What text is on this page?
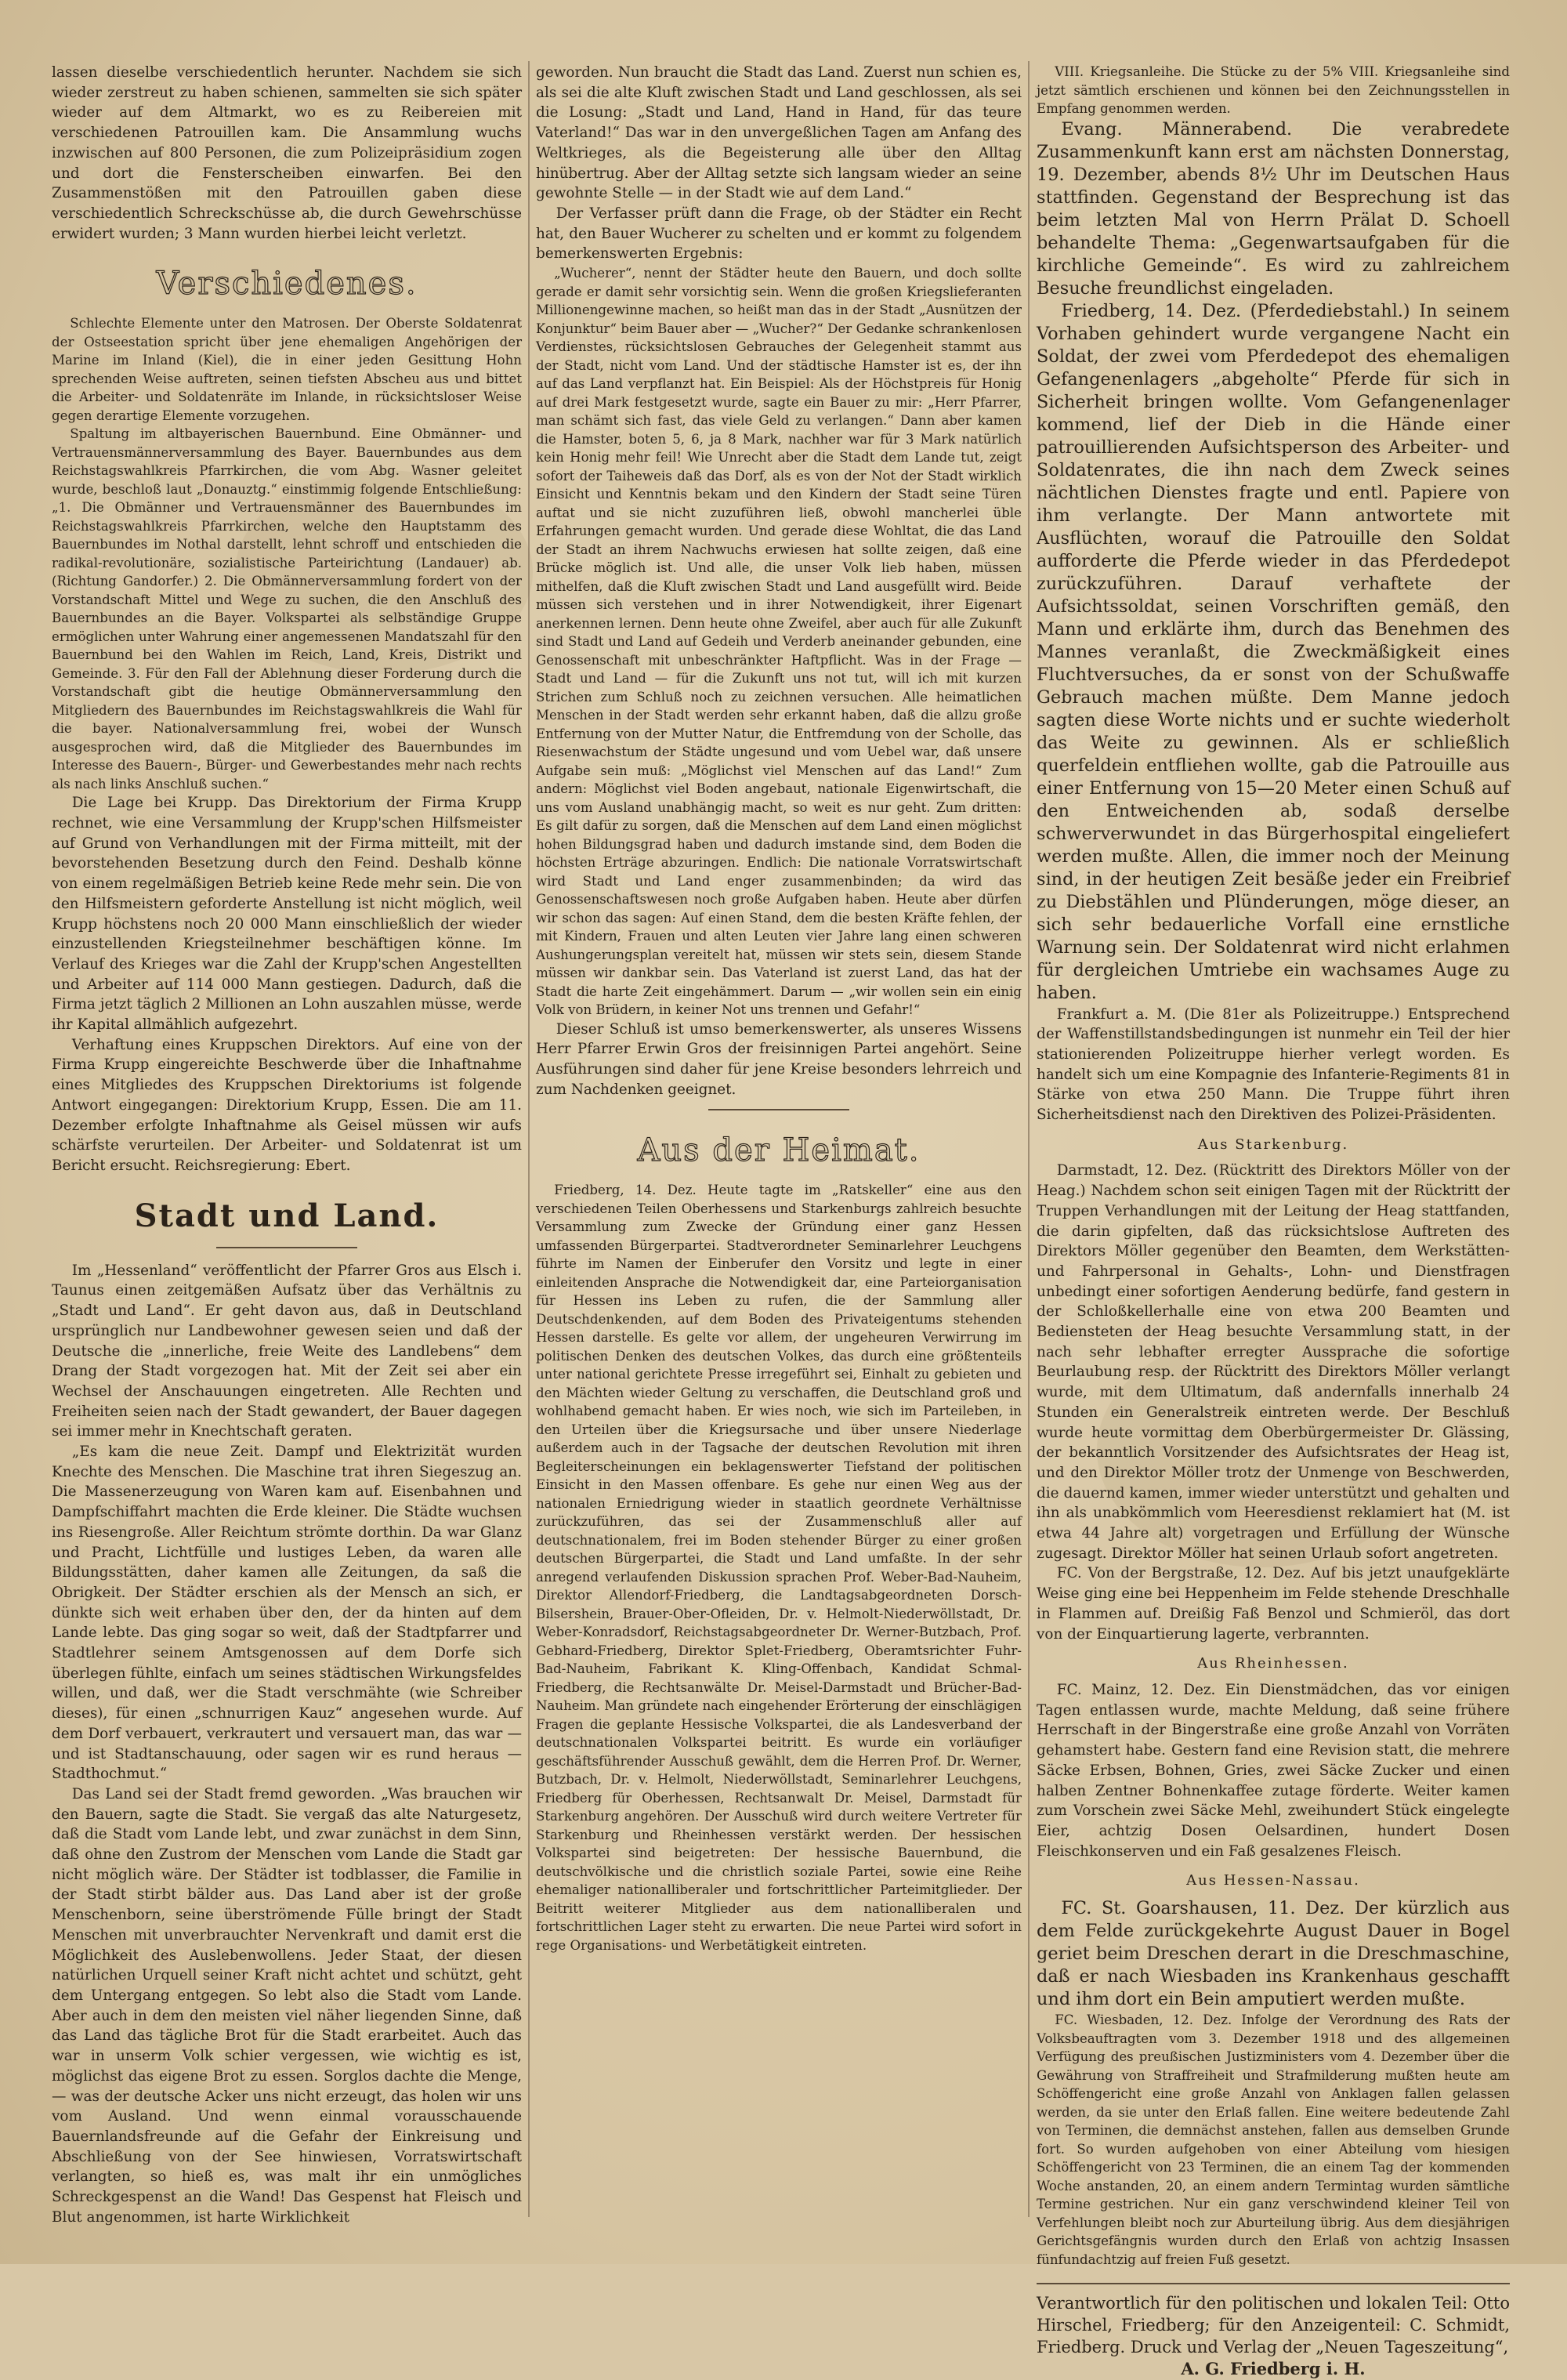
lassen dieselbe verschiedentlich herunter. Nachdem sie sich wieder zerstreut zu haben schienen, sammelten sie sich später wieder auf dem Altmarkt, wo es zu Reibereien mit verschiedenen Patrouillen kam. Die Ansammlung wuchs inzwischen auf 800 Personen, die zum Polizeipräsidium zogen und dort die Fensterscheiben einwarfen. Bei den Zusammenstößen mit den Patrouillen gaben diese verschiedentlich Schreckschüsse ab, die durch Gewehrschüsse erwidert wurden; 3 Mann wurden hierbei leicht verletzt.

Verschiedenes.

Schlechte Elemente unter den Matrosen. Der Oberste Soldatenrat der Ostseestation spricht über jene ehemaligen Angehörigen der Marine im Inland (Kiel), die in einer jeden Gesittung Hohn sprechenden Weise auftreten, seinen tiefsten Abscheu aus und bittet die Arbeiter- und Soldatenräte im Inlande, in rücksichtsloser Weise gegen derartige Elemente vorzugehen.

Spaltung im altbayerischen Bauernbund. Eine Obmänner- und Vertrauensmännerversammlung des Bayer. Bauernbundes aus dem Reichstagswahlkreis Pfarrkirchen, die vom Abg. Wasner geleitet wurde, beschloß laut „Donauztg.“ einstimmig folgende Entschließung: „1. Die Obmänner und Vertrauensmänner des Bauernbundes im Reichstagswahlkreis Pfarrkirchen, welche den Hauptstamm des Bauernbundes im Nothal darstellt, lehnt schroff und entschieden die radikal-revolutionäre, sozialistische Parteirichtung (Landauer) ab. (Richtung Gandorfer.) 2. Die Obmännerversammlung fordert von der Vorstandschaft Mittel und Wege zu suchen, die den Anschluß des Bauernbundes an die Bayer. Volkspartei als selbständige Gruppe ermöglichen unter Wahrung einer angemessenen Mandatszahl für den Bauernbund bei den Wahlen im Reich, Land, Kreis, Distrikt und Gemeinde. 3. Für den Fall der Ablehnung dieser Forderung durch die Vorstandschaft gibt die heutige Obmännerversammlung den Mitgliedern des Bauernbundes im Reichstagswahlkreis die Wahl für die bayer. Nationalversammlung frei, wobei der Wunsch ausgesprochen wird, daß die Mitglieder des Bauernbundes im Interesse des Bauern-, Bürger- und Gewerbestandes mehr nach rechts als nach links Anschluß suchen.“

Die Lage bei Krupp. Das Direktorium der Firma Krupp rechnet, wie eine Versammlung der Krupp'schen Hilfsmeister auf Grund von Verhandlungen mit der Firma mitteilt, mit der bevorstehenden Besetzung durch den Feind. Deshalb könne von einem regelmäßigen Betrieb keine Rede mehr sein. Die von den Hilfsmeistern geforderte Anstellung ist nicht möglich, weil Krupp höchstens noch 20 000 Mann einschließlich der wieder einzustellenden Kriegsteilnehmer beschäftigen könne. Im Verlauf des Krieges war die Zahl der Krupp'schen Angestellten und Arbeiter auf 114 000 Mann gestiegen. Dadurch, daß die Firma jetzt täglich 2 Millionen an Lohn auszahlen müsse, werde ihr Kapital allmählich aufgezehrt.

Verhaftung eines Kruppschen Direktors. Auf eine von der Firma Krupp eingereichte Beschwerde über die Inhaftnahme eines Mitgliedes des Kruppschen Direktoriums ist folgende Antwort eingegangen: Direktorium Krupp, Essen. Die am 11. Dezember erfolgte Inhaftnahme als Geisel müssen wir aufs schärfste verurteilen. Der Arbeiter- und Soldatenrat ist um Bericht ersucht. Reichsregierung: Ebert.

Stadt und Land.

Im „Hessenland“ veröffentlicht der Pfarrer Gros aus Elsch i. Taunus einen zeitgemäßen Aufsatz über das Verhältnis zu „Stadt und Land“. Er geht davon aus, daß in Deutschland ursprünglich nur Landbewohner gewesen seien und daß der Deutsche die „innerliche, freie Weite des Landlebens“ dem Drang der Stadt vorgezogen hat. Mit der Zeit sei aber ein Wechsel der Anschauungen eingetreten. Alle Rechten und Freiheiten seien nach der Stadt gewandert, der Bauer dagegen sei immer mehr in Knechtschaft geraten.

„Es kam die neue Zeit. Dampf und Elektrizität wurden Knechte des Menschen. Die Maschine trat ihren Siegeszug an. Die Massenerzeugung von Waren kam auf. Eisenbahnen und Dampfschiffahrt machten die Erde kleiner. Die Städte wuchsen ins Riesengroße. Aller Reichtum strömte dorthin. Da war Glanz und Pracht, Lichtfülle und lustiges Leben, da waren alle Bildungsstätten, daher kamen alle Zeitungen, da saß die Obrigkeit. Der Städter erschien als der Mensch an sich, er dünkte sich weit erhaben über den, der da hinten auf dem Lande lebte. Das ging sogar so weit, daß der Stadtpfarrer und Stadtlehrer seinem Amtsgenossen auf dem Dorfe sich überlegen fühlte, einfach um seines städtischen Wirkungsfeldes willen, und daß, wer die Stadt verschmähte (wie Schreiber dieses), für einen „schnurrigen Kauz“ angesehen wurde. Auf dem Dorf verbauert, verkrautert und versauert man, das war — und ist Stadtanschauung, oder sagen wir es rund heraus — Stadthochmut.“

Das Land sei der Stadt fremd geworden. „Was brauchen wir den Bauern, sagte die Stadt. Sie vergaß das alte Naturgesetz, daß die Stadt vom Lande lebt, und zwar zunächst in dem Sinn, daß ohne den Zustrom der Menschen vom Lande die Stadt gar nicht möglich wäre. Der Städter ist todblasser, die Familie in der Stadt stirbt bälder aus. Das Land aber ist der große Menschenborn, seine überströmende Fülle bringt der Stadt Menschen mit unverbrauchter Nervenkraft und damit erst die Möglichkeit des Auslebenwollens. Jeder Staat, der diesen natürlichen Urquell seiner Kraft nicht achtet und schützt, geht dem Untergang entgegen. So lebt also die Stadt vom Lande. Aber auch in dem den meisten viel näher liegenden Sinne, daß das Land das tägliche Brot für die Stadt erarbeitet. Auch das war in unserm Volk schier vergessen, wie wichtig es ist, möglichst das eigene Brot zu essen. Sorglos dachte die Menge, — was der deutsche Acker uns nicht erzeugt, das holen wir uns vom Ausland. Und wenn einmal vorausschauende Bauernlandsfreunde auf die Gefahr der Einkreisung und Abschließung von der See hinwiesen, Vorratswirtschaft verlangten, so hieß es, was malt ihr ein unmögliches Schreckgespenst an die Wand! Das Gespenst hat Fleisch und Blut angenommen, ist harte Wirklichkeit

geworden. Nun braucht die Stadt das Land. Zuerst nun schien es, als sei die alte Kluft zwischen Stadt und Land geschlossen, als sei die Losung: „Stadt und Land, Hand in Hand, für das teure Vaterland!“ Das war in den unvergeßlichen Tagen am Anfang des Weltkrieges, als die Begeisterung alle über den Alltag hinübertrug. Aber der Alltag setzte sich langsam wieder an seine gewohnte Stelle — in der Stadt wie auf dem Land.“

Der Verfasser prüft dann die Frage, ob der Städter ein Recht hat, den Bauer Wucherer zu schelten und er kommt zu folgendem bemerkenswerten Ergebnis:

„Wucherer“, nennt der Städter heute den Bauern, und doch sollte gerade er damit sehr vorsichtig sein. Wenn die großen Kriegslieferanten Millionengewinne machen, so heißt man das in der Stadt „Ausnützen der Konjunktur“ beim Bauer aber — „Wucher?“ Der Gedanke schrankenlosen Verdienstes, rücksichtslosen Gebrauches der Gelegenheit stammt aus der Stadt, nicht vom Land. Und der städtische Hamster ist es, der ihn auf das Land verpflanzt hat. Ein Beispiel: Als der Höchstpreis für Honig auf drei Mark festgesetzt wurde, sagte ein Bauer zu mir: „Herr Pfarrer, man schämt sich fast, das viele Geld zu verlangen.“ Dann aber kamen die Hamster, boten 5, 6, ja 8 Mark, nachher war für 3 Mark natürlich kein Honig mehr feil! Wie Unrecht aber die Stadt dem Lande tut, zeigt sofort der Taiheweis daß das Dorf, als es von der Not der Stadt wirklich Einsicht und Kenntnis bekam und den Kindern der Stadt seine Türen auftat und sie nicht zuzuführen ließ, obwohl mancherlei üble Erfahrungen gemacht wurden. Und gerade diese Wohltat, die das Land der Stadt an ihrem Nachwuchs erwiesen hat sollte zeigen, daß eine Brücke möglich ist. Und alle, die unser Volk lieb haben, müssen mithelfen, daß die Kluft zwischen Stadt und Land ausgefüllt wird. Beide müssen sich verstehen und in ihrer Notwendigkeit, ihrer Eigenart anerkennen lernen. Denn heute ohne Zweifel, aber auch für alle Zukunft sind Stadt und Land auf Gedeih und Verderb aneinander gebunden, eine Genossenschaft mit unbeschränkter Haftpflicht. Was in der Frage — Stadt und Land — für die Zukunft uns not tut, will ich mit kurzen Strichen zum Schluß noch zu zeichnen versuchen. Alle heimatlichen Menschen in der Stadt werden sehr erkannt haben, daß die allzu große Entfernung von der Mutter Natur, die Entfremdung von der Scholle, das Riesenwachstum der Städte ungesund und vom Uebel war, daß unsere Aufgabe sein muß: „Möglichst viel Menschen auf das Land!“ Zum andern: Möglichst viel Boden angebaut, nationale Eigenwirtschaft, die uns vom Ausland unabhängig macht, so weit es nur geht. Zum dritten: Es gilt dafür zu sorgen, daß die Menschen auf dem Land einen möglichst hohen Bildungsgrad haben und dadurch imstande sind, dem Boden die höchsten Erträge abzuringen. Endlich: Die nationale Vorratswirtschaft wird Stadt und Land enger zusammenbinden; da wird das Genossenschaftswesen noch große Aufgaben haben. Heute aber dürfen wir schon das sagen: Auf einen Stand, dem die besten Kräfte fehlen, der mit Kindern, Frauen und alten Leuten vier Jahre lang einen schweren Aushungerungsplan vereitelt hat, müssen wir stets sein, diesem Stande müssen wir dankbar sein. Das Vaterland ist zuerst Land, das hat der Stadt die harte Zeit eingehämmert. Darum — „wir wollen sein ein einig Volk von Brüdern, in keiner Not uns trennen und Gefahr!“

Dieser Schluß ist umso bemerkenswerter, als unseres Wissens Herr Pfarrer Erwin Gros der freisinnigen Partei angehört. Seine Ausführungen sind daher für jene Kreise besonders lehrreich und zum Nachdenken geeignet.

Aus der Heimat.

Friedberg, 14. Dez. Heute tagte im „Ratskeller“ eine aus den verschiedenen Teilen Oberhessens und Starkenburgs zahlreich besuchte Versammlung zum Zwecke der Gründung einer ganz Hessen umfassenden Bürgerpartei. Stadtverordneter Seminarlehrer Leuchgens führte im Namen der Einberufer den Vorsitz und legte in einer einleitenden Ansprache die Notwendigkeit dar, eine Parteiorganisation für Hessen ins Leben zu rufen, die der Sammlung aller Deutschdenkenden, auf dem Boden des Privateigentums stehenden Hessen darstelle. Es gelte vor allem, der ungeheuren Verwirrung im politischen Denken des deutschen Volkes, das durch eine größtenteils unter national gerichtete Presse irregeführt sei, Einhalt zu gebieten und den Mächten wieder Geltung zu verschaffen, die Deutschland groß und wohlhabend gemacht haben. Er wies noch, wie sich im Parteileben, in den Urteilen über die Kriegsursache und über unsere Niederlage außerdem auch in der Tagsache der deutschen Revolution mit ihren Begleiterscheinungen ein beklagenswerter Tiefstand der politischen Einsicht in den Massen offenbare. Es gehe nur einen Weg aus der nationalen Erniedrigung wieder in staatlich geordnete Verhältnisse zurückzuführen, das sei der Zusammenschluß aller auf deutschnationalem, frei im Boden stehender Bürger zu einer großen deutschen Bürgerpartei, die Stadt und Land umfaßte. In der sehr anregend verlaufenden Diskussion sprachen Prof. Weber-Bad-Nauheim, Direktor Allendorf-Friedberg, die Landtagsabgeordneten Dorsch-Bilsershein, Brauer-Ober-Ofleiden, Dr. v. Helmolt-Niederwöllstadt, Dr. Weber-Konradsdorf, Reichstagsabgeordneter Dr. Werner-Butzbach, Prof. Gebhard-Friedberg, Direktor Splet-Friedberg, Oberamtsrichter Fuhr-Bad-Nauheim, Fabrikant K. Kling-Offenbach, Kandidat Schmal-Friedberg, die Rechtsanwälte Dr. Meisel-Darmstadt und Brücher-Bad-Nauheim. Man gründete nach eingehender Erörterung der einschlägigen Fragen die geplante Hessische Volkspartei, die als Landesverband der deutschnationalen Volkspartei beitritt. Es wurde ein vorläufiger geschäftsführender Ausschuß gewählt, dem die Herren Prof. Dr. Werner, Butzbach, Dr. v. Helmolt, Niederwöllstadt, Seminarlehrer Leuchgens, Friedberg für Oberhessen, Rechtsanwalt Dr. Meisel, Darmstadt für Starkenburg angehören. Der Ausschuß wird durch weitere Vertreter für Starkenburg und Rheinhessen verstärkt werden. Der hessischen Volkspartei sind beigetreten: Der hessische Bauernbund, die deutschvölkische und die christlich soziale Partei, sowie eine Reihe ehemaliger nationalliberaler und fortschrittlicher Parteimitglieder. Der Beitritt weiterer Mitglieder aus dem nationalliberalen und fortschrittlichen Lager steht zu erwarten. Die neue Partei wird sofort in rege Organisations- und Werbetätigkeit eintreten.

VIII. Kriegsanleihe. Die Stücke zu der 5% VIII. Kriegsanleihe sind jetzt sämtlich erschienen und können bei den Zeichnungsstellen in Empfang genommen werden.

Evang. Männerabend. Die verabredete Zusammenkunft kann erst am nächsten Donnerstag, 19. Dezember, abends 8½ Uhr im Deutschen Haus stattfinden. Gegenstand der Besprechung ist das beim letzten Mal von Herrn Prälat D. Schoell behandelte Thema: „Gegenwartsaufgaben für die kirchliche Gemeinde“. Es wird zu zahlreichem Besuche freundlichst eingeladen.

Friedberg, 14. Dez. (Pferdediebstahl.) In seinem Vorhaben gehindert wurde vergangene Nacht ein Soldat, der zwei vom Pferdedepot des ehemaligen Gefangenenlagers „abgeholte“ Pferde für sich in Sicherheit bringen wollte. Vom Gefangenenlager kommend, lief der Dieb in die Hände einer patrouillierenden Aufsichtsperson des Arbeiter- und Soldatenrates, die ihn nach dem Zweck seines nächtlichen Dienstes fragte und entl. Papiere von ihm verlangte. Der Mann antwortete mit Ausflüchten, worauf die Patrouille den Soldat aufforderte die Pferde wieder in das Pferdedepot zurückzuführen. Darauf verhaftete der Aufsichtssoldat, seinen Vorschriften gemäß, den Mann und erklärte ihm, durch das Benehmen des Mannes veranlaßt, die Zweckmäßigkeit eines Fluchtversuches, da er sonst von der Schußwaffe Gebrauch machen müßte. Dem Manne jedoch sagten diese Worte nichts und er suchte wiederholt das Weite zu gewinnen. Als er schließlich querfeldein entfliehen wollte, gab die Patrouille aus einer Entfernung von 15—20 Meter einen Schuß auf den Entweichenden ab, sodaß derselbe schwerverwundet in das Bürgerhospital eingeliefert werden mußte. Allen, die immer noch der Meinung sind, in der heutigen Zeit besäße jeder ein Freibrief zu Diebstählen und Plünderungen, möge dieser, an sich sehr bedauerliche Vorfall eine ernstliche Warnung sein. Der Soldatenrat wird nicht erlahmen für dergleichen Umtriebe ein wachsames Auge zu haben.

Frankfurt a. M. (Die 81er als Polizeitruppe.) Entsprechend der Waffenstillstandsbedingungen ist nunmehr ein Teil der hier stationierenden Polizeitruppe hierher verlegt worden. Es handelt sich um eine Kompagnie des Infanterie-Regiments 81 in Stärke von etwa 250 Mann. Die Truppe führt ihren Sicherheitsdienst nach den Direktiven des Polizei-Präsidenten.

Aus Starkenburg.

Darmstadt, 12. Dez. (Rücktritt des Direktors Möller von der Heag.) Nachdem schon seit einigen Tagen mit der Rücktritt der Truppen Verhandlungen mit der Leitung der Heag stattfanden, die darin gipfelten, daß das rücksichtslose Auftreten des Direktors Möller gegenüber den Beamten, dem Werkstätten- und Fahrpersonal in Gehalts-, Lohn- und Dienstfragen unbedingt einer sofortigen Aenderung bedürfe, fand gestern in der Schloßkellerhalle eine von etwa 200 Beamten und Bediensteten der Heag besuchte Versammlung statt, in der nach sehr lebhafter erregter Aussprache die sofortige Beurlaubung resp. der Rücktritt des Direktors Möller verlangt wurde, mit dem Ultimatum, daß andernfalls innerhalb 24 Stunden ein Generalstreik eintreten werde. Der Beschluß wurde heute vormittag dem Oberbürgermeister Dr. Glässing, der bekanntlich Vorsitzender des Aufsichtsrates der Heag ist, und den Direktor Möller trotz der Unmenge von Beschwerden, die dauernd kamen, immer wieder unterstützt und gehalten und ihn als unabkömmlich vom Heeresdienst reklamiert hat (M. ist etwa 44 Jahre alt) vorgetragen und Erfüllung der Wünsche zugesagt. Direktor Möller hat seinen Urlaub sofort angetreten.

FC. Von der Bergstraße, 12. Dez. Auf bis jetzt unaufgeklärte Weise ging eine bei Heppenheim im Felde stehende Dreschhalle in Flammen auf. Dreißig Faß Benzol und Schmieröl, das dort von der Einquartierung lagerte, verbrannten.

Aus Rheinhessen.

FC. Mainz, 12. Dez. Ein Dienstmädchen, das vor einigen Tagen entlassen wurde, machte Meldung, daß seine frühere Herrschaft in der Bingerstraße eine große Anzahl von Vorräten gehamstert habe. Gestern fand eine Revision statt, die mehrere Säcke Erbsen, Bohnen, Gries, zwei Säcke Zucker und einen halben Zentner Bohnenkaffee zutage förderte. Weiter kamen zum Vorschein zwei Säcke Mehl, zweihundert Stück eingelegte Eier, achtzig Dosen Oelsardinen, hundert Dosen Fleischkonserven und ein Faß gesalzenes Fleisch.

Aus Hessen-Nassau.

FC. St. Goarshausen, 11. Dez. Der kürzlich aus dem Felde zurückgekehrte August Dauer in Bogel geriet beim Dreschen derart in die Dreschmaschine, daß er nach Wiesbaden ins Krankenhaus geschafft und ihm dort ein Bein amputiert werden mußte.

FC. Wiesbaden, 12. Dez. Infolge der Verordnung des Rats der Volksbeauftragten vom 3. Dezember 1918 und des allgemeinen Verfügung des preußischen Justizministers vom 4. Dezember über die Gewährung von Straffreiheit und Strafmilderung mußten heute am Schöffengericht eine große Anzahl von Anklagen fallen gelassen werden, da sie unter den Erlaß fallen. Eine weitere bedeutende Zahl von Terminen, die demnächst anstehen, fallen aus demselben Grunde fort. So wurden aufgehoben von einer Abteilung vom hiesigen Schöffengericht von 23 Terminen, die an einem Tag der kommenden Woche anstanden, 20, an einem andern Termintag wurden sämtliche Termine gestrichen. Nur ein ganz verschwindend kleiner Teil von Verfehlungen bleibt noch zur Aburteilung übrig. Aus dem diesjährigen Gerichtsgefängnis wurden durch den Erlaß von achtzig Insassen fünfundachtzig auf freien Fuß gesetzt.

Verantwortlich für den politischen und lokalen Teil: Otto Hirschel, Friedberg; für den Anzeigenteil: C. Schmidt, Friedberg. Druck und Verlag der „Neuen Tageszeitung“,
A. G. Friedberg i. H.
